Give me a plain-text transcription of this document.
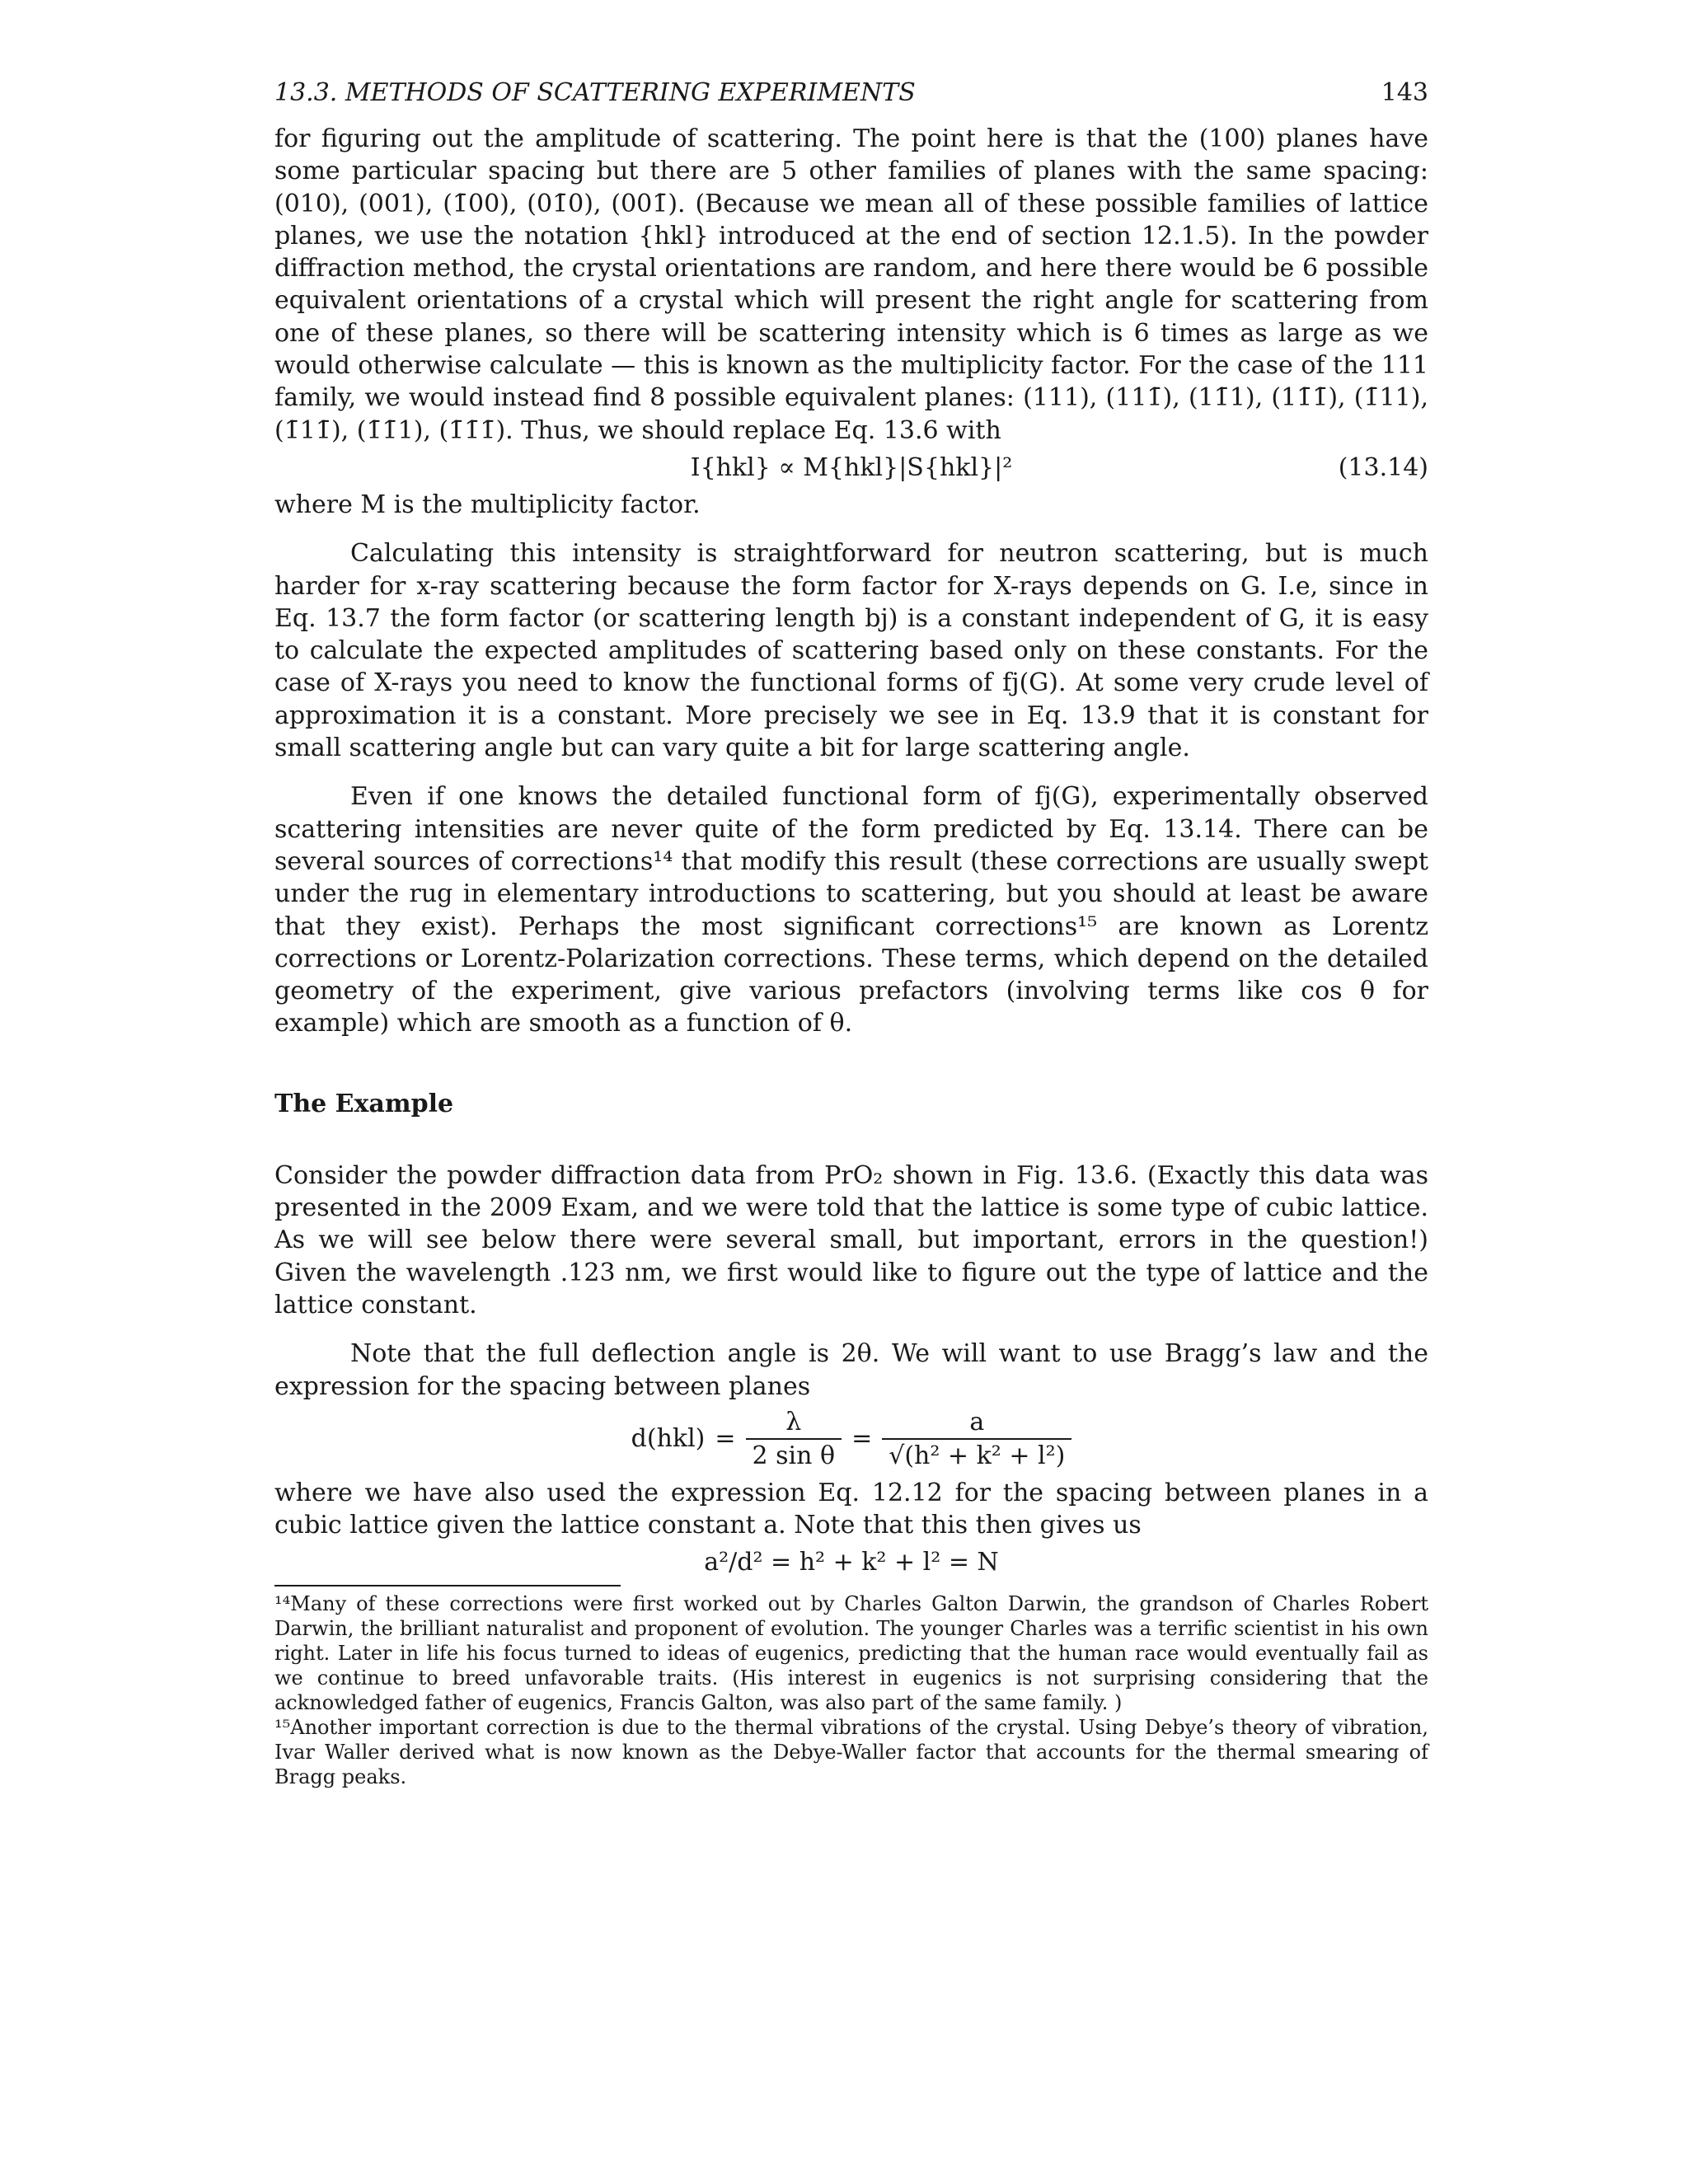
13.3. METHODS OF SCATTERING EXPERIMENTS	143

for figuring out the amplitude of scattering. The point here is that the (100) planes have some particular spacing but there are 5 other families of planes with the same spacing: (010), (001), (1̄00), (01̄0), (001̄). (Because we mean all of these possible families of lattice planes, we use the notation {hkl} introduced at the end of section 12.1.5). In the powder diffraction method, the crystal orientations are random, and here there would be 6 possible equivalent orientations of a crystal which will present the right angle for scattering from one of these planes, so there will be scattering intensity which is 6 times as large as we would otherwise calculate — this is known as the multiplicity factor. For the case of the 111 family, we would instead find 8 possible equivalent planes: (111), (111̄), (11̄1), (11̄1̄), (1̄11), (1̄11̄), (1̄1̄1), (1̄1̄1̄). Thus, we should replace Eq. 13.6 with

I{hkl} ∝ M{hkl}|S{hkl}|²	(13.14)

where M is the multiplicity factor.

Calculating this intensity is straightforward for neutron scattering, but is much harder for x-ray scattering because the form factor for X-rays depends on G. I.e, since in Eq. 13.7 the form factor (or scattering length bj) is a constant independent of G, it is easy to calculate the expected amplitudes of scattering based only on these constants. For the case of X-rays you need to know the functional forms of fj(G). At some very crude level of approximation it is a constant. More precisely we see in Eq. 13.9 that it is constant for small scattering angle but can vary quite a bit for large scattering angle.

Even if one knows the detailed functional form of fj(G), experimentally observed scattering intensities are never quite of the form predicted by Eq. 13.14. There can be several sources of corrections¹⁴ that modify this result (these corrections are usually swept under the rug in elementary introductions to scattering, but you should at least be aware that they exist). Perhaps the most significant corrections¹⁵ are known as Lorentz corrections or Lorentz-Polarization corrections. These terms, which depend on the detailed geometry of the experiment, give various prefactors (involving terms like cos θ for example) which are smooth as a function of θ.

The Example

Consider the powder diffraction data from PrO₂ shown in Fig. 13.6. (Exactly this data was presented in the 2009 Exam, and we were told that the lattice is some type of cubic lattice. As we will see below there were several small, but important, errors in the question!) Given the wavelength .123 nm, we first would like to figure out the type of lattice and the lattice constant.

Note that the full deflection angle is 2θ. We will want to use Bragg’s law and the expression for the spacing between planes

$d(hkl) = \frac{\lambda}{\text{2 sin θ}} = \frac{a}{\text{√(h² + k² + l²)}}$

where we have also used the expression Eq. 12.12 for the spacing between planes in a cubic lattice given the lattice constant a. Note that this then gives us

a²/d² = h² + k² + l² = N

¹⁴Many of these corrections were first worked out by Charles Galton Darwin, the grandson of Charles Robert Darwin, the brilliant naturalist and proponent of evolution. The younger Charles was a terrific scientist in his own right. Later in life his focus turned to ideas of eugenics, predicting that the human race would eventually fail as we continue to breed unfavorable traits. (His interest in eugenics is not surprising considering that the acknowledged father of eugenics, Francis Galton, was also part of the same family. )

¹⁵Another important correction is due to the thermal vibrations of the crystal. Using Debye’s theory of vibration, Ivar Waller derived what is now known as the Debye-Waller factor that accounts for the thermal smearing of Bragg peaks.
